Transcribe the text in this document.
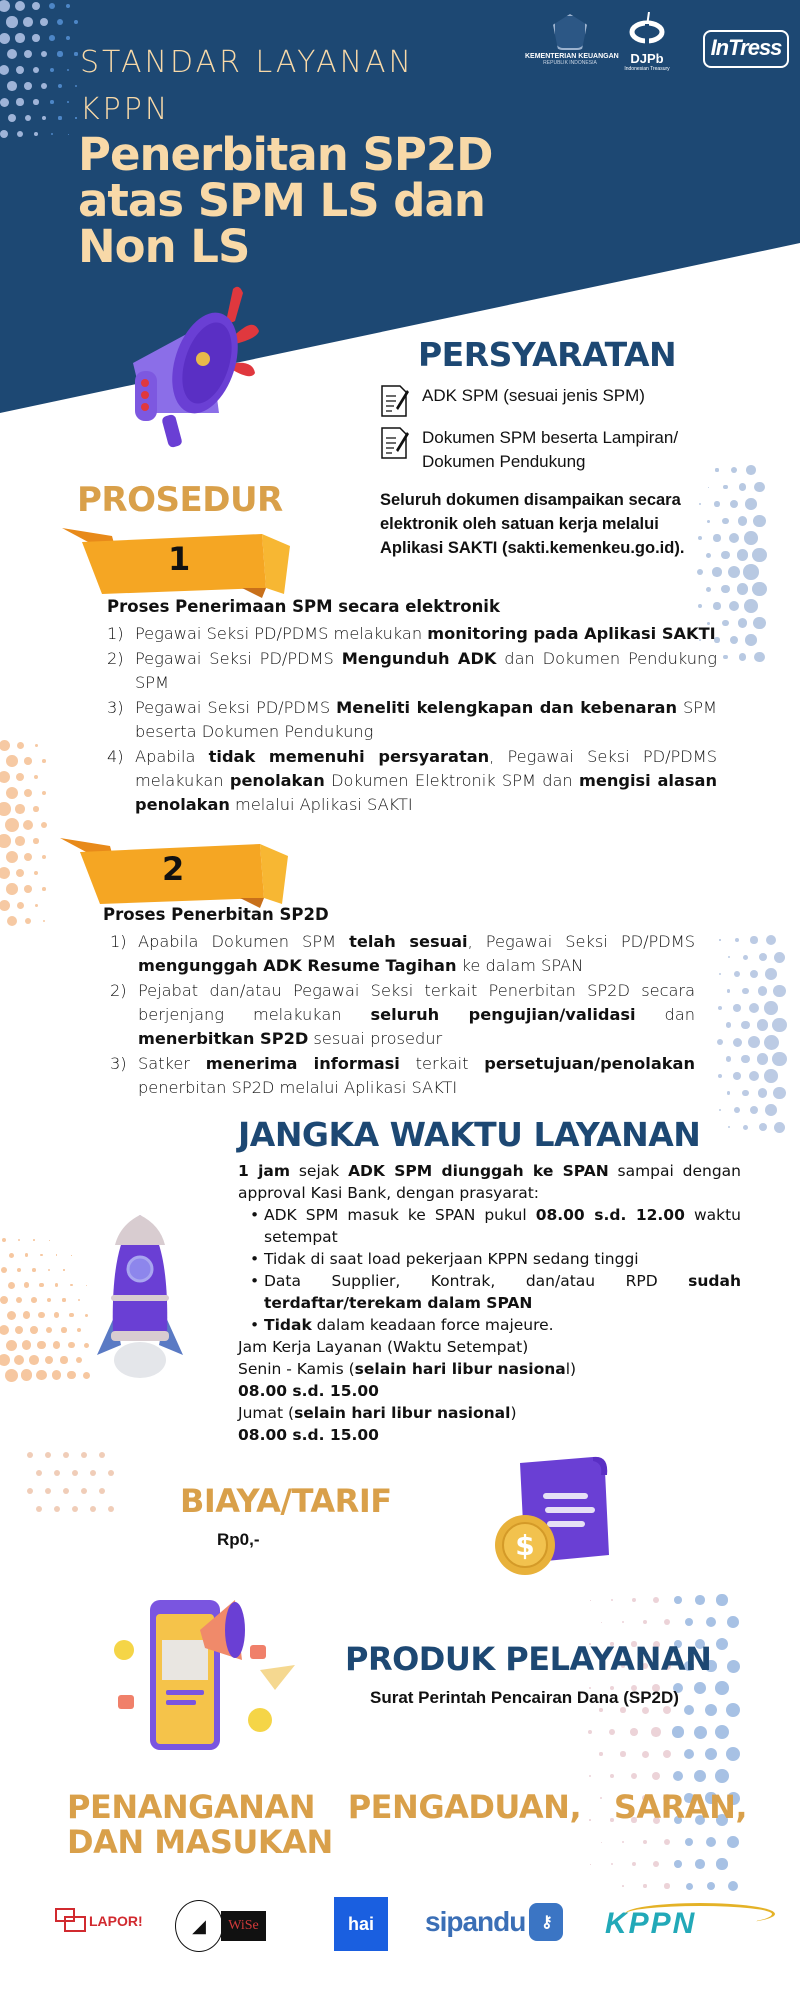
STANDAR LAYANAN
KPPN
Penerbitan SP2D
atas SPM LS dan
Non LS
KEMENTERIAN KEUANGAN
REPUBLIK INDONESIA	DJPb
Indonesian Treasury
InTress
PERSYARATAN
ADK SPM (sesuai jenis SPM)
Dokumen SPM beserta Lampiran/
Dokumen Pendukung

Seluruh dokumen disampaikan secara elektronik oleh satuan kerja melalui Aplikasi SAKTI (sakti.kemenkeu.go.id).

PROSEDUR
1
Proses Penerimaan SPM secara elektronik
1) Pegawai Seksi PD/PDMS melakukan monitoring pada Aplikasi SAKTI
2) Pegawai Seksi PD/PDMS Mengunduh ADK dan Dokumen Pendukung SPM
3) Pegawai Seksi PD/PDMS Meneliti kelengkapan dan kebenaran SPM beserta Dokumen Pendukung
4) Apabila tidak memenuhi persyaratan, Pegawai Seksi PD/PDMS melakukan penolakan Dokumen Elektronik SPM dan mengisi alasan penolakan melalui Aplikasi SAKTI
2
Proses Penerbitan SP2D
1) Apabila Dokumen SPM telah sesuai, Pegawai Seksi PD/PDMS mengunggah ADK Resume Tagihan ke dalam SPAN
2) Pejabat dan/atau Pegawai Seksi terkait Penerbitan SP2D secara berjenjang melakukan seluruh pengujian/validasi dan menerbitkan SP2D sesuai prosedur
3) Satker menerima informasi terkait persetujuan/penolakan penerbitan SP2D melalui Aplikasi SAKTI
JANGKA WAKTU LAYANAN

1 jam sejak ADK SPM diunggah ke SPAN sampai dengan approval Kasi Bank, dengan prasyarat:

• ADK SPM masuk ke SPAN pukul 08.00 s.d. 12.00 waktu setempat
• Tidak di saat load pekerjaan KPPN sedang tinggi
• Data Supplier, Kontrak, dan/atau RPD sudah terdaftar/terekam dalam SPAN
• Tidak dalam keadaan force majeure.
Jam Kerja Layanan (Waktu Setempat)
Senin - Kamis (selain hari libur nasional)
08.00 s.d. 15.00
Jumat (selain hari libur nasional)
08.00 s.d. 15.00
BIAYA/TARIF
Rp0,-	$
PRODUK PELAYANAN
Surat Perintah Pencairan Dana (SP2D)
PENANGANAN PENGADUAN, SARAN, DAN MASUKAN
LAPOR!	◢	WiSe	hai	sipandu ⚷	KPPN
